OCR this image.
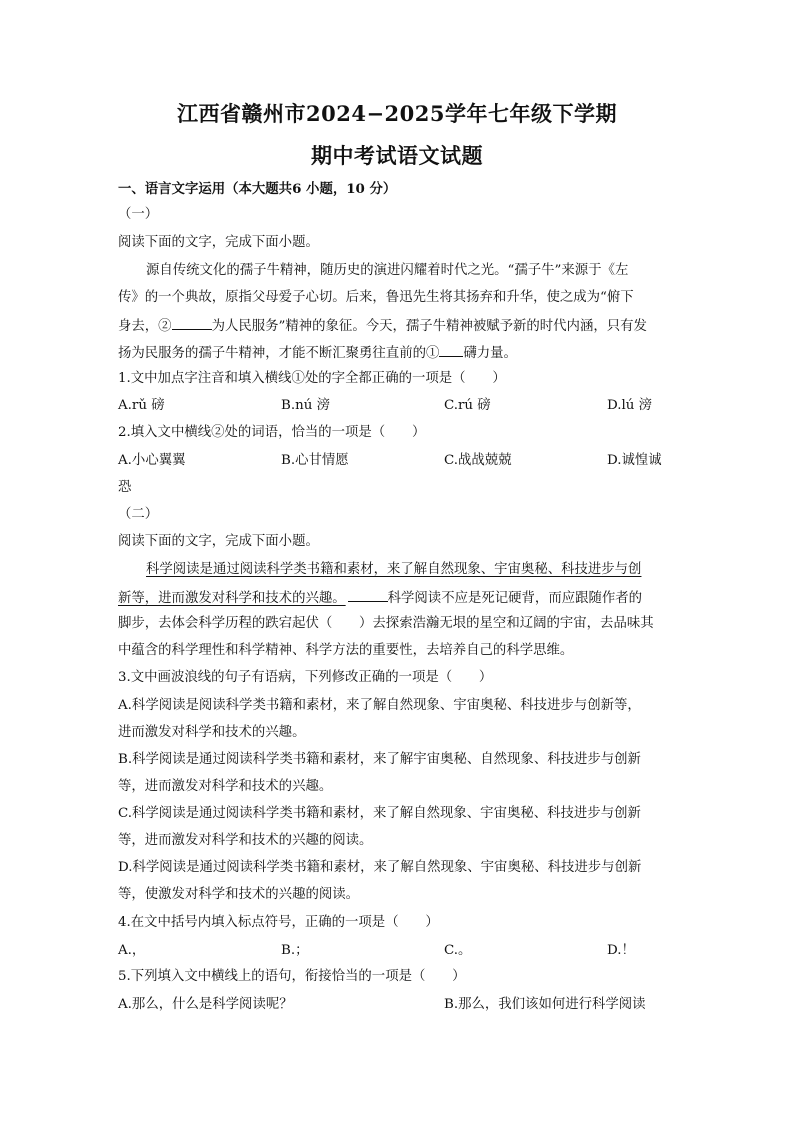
江西省赣州市2024−2025学年七年级下学期
期中考试语文试题
一、语言文字运用（本大题共6 小题，10 分）
（一）
阅读下面的文字，完成下面小题。
源自传统文化的孺子牛精神，随历史的演进闪耀着时代之光。“孺子牛”来源于《左
传》的一个典故，原指父母爱子心切。后来，鲁迅先生将其扬弃和升华，使之成为“俯下
身去，②	为人民服务”精神的象征。今天，孺子牛精神被赋予新的时代内涵，只有发
扬为民服务的孺子牛精神，才能不断汇聚勇往直前的① 礴力量。
1.文中加点字注音和填入横线①处的字全都正确的一项是（　　）
A.rǔ 磅	B.nú 滂	C.rú 磅	D.lú 滂
2.填入文中横线②处的词语，恰当的一项是（　　）
A.小心翼翼	B.心甘情愿	C.战战兢兢	D.诚惶诚
恐
（二）
阅读下面的文字，完成下面小题。
科学阅读是通过阅读科学类书籍和素材，来了解自然现象、宇宙奥秘、科技进步与创
新等，进而激发对科学和技术的兴趣。	科学阅读不应是死记硬背，而应跟随作者的
脚步，去体会科学历程的跌宕起伏（　　）去探索浩瀚无垠的星空和辽阔的宇宙，去品味其
中蕴含的科学理性和科学精神、科学方法的重要性，去培养自己的科学思维。
3.文中画波浪线的句子有语病，下列修改正确的一项是（　　）
A.科学阅读是阅读科学类书籍和素材，来了解自然现象、宇宙奥秘、科技进步与创新等，
进而激发对科学和技术的兴趣。
B.科学阅读是通过阅读科学类书籍和素材，来了解宇宙奥秘、自然现象、科技进步与创新
等，进而激发对科学和技术的兴趣。
C.科学阅读是通过阅读科学类书籍和素材，来了解自然现象、宇宙奥秘、科技进步与创新
等，进而激发对科学和技术的兴趣的阅读。
D.科学阅读是通过阅读科学类书籍和素材，来了解自然现象、宇宙奥秘、科技进步与创新
等，使激发对科学和技术的兴趣的阅读。
4.在文中括号内填入标点符号，正确的一项是（　　）
A.，	B.；	C.。	D.！
5.下列填入文中横线上的语句，衔接恰当的一项是（　　）
A.那么，什么是科学阅读呢？	B.那么，我们该如何进行科学阅读
